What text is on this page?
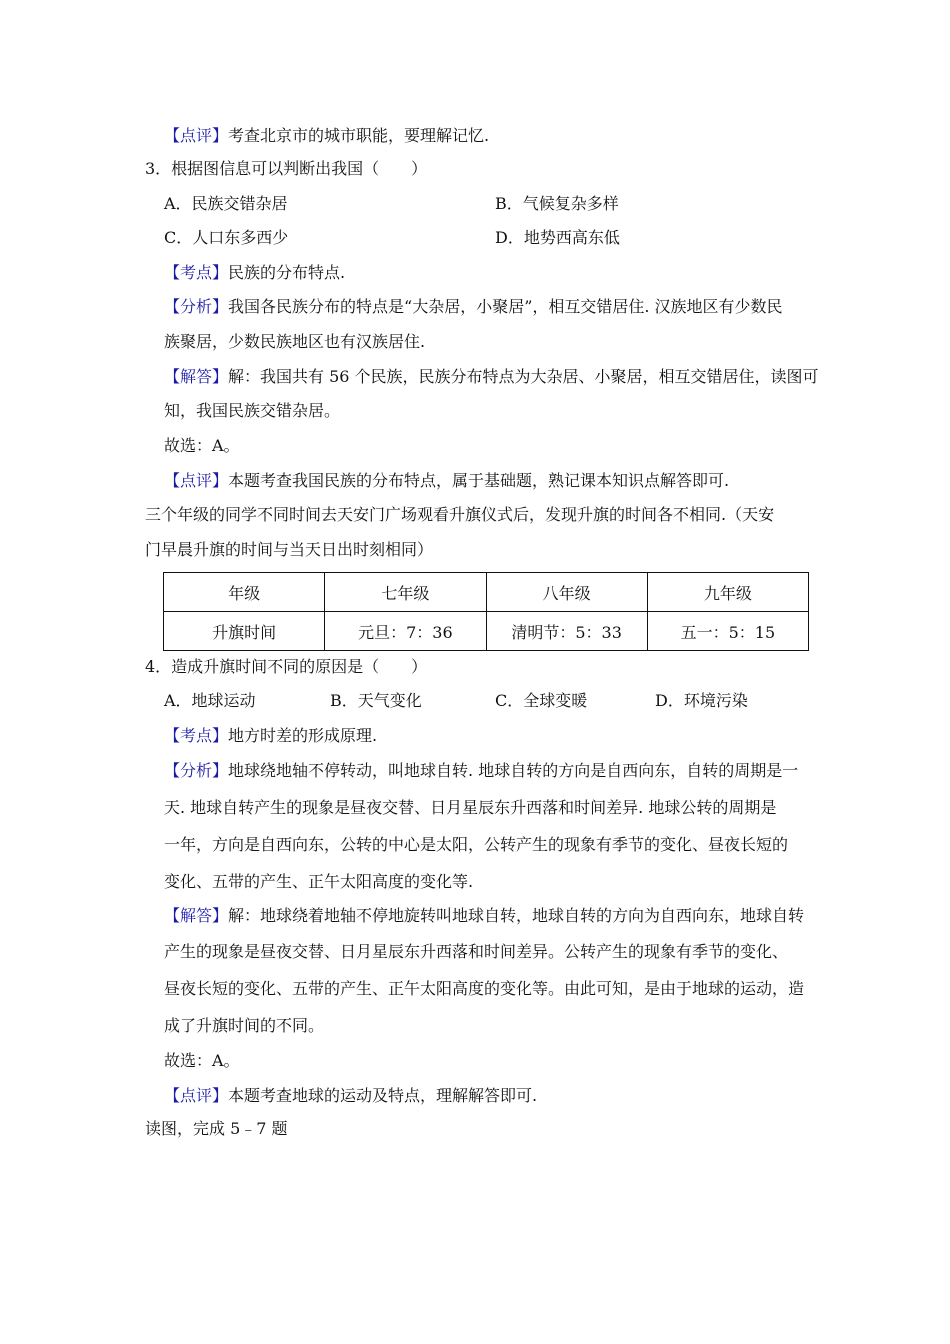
【点评】考查北京市的城市职能，要理解记忆.
3．根据图信息可以判断出我国（　　）
A．民族交错杂居	B．气候复杂多样
C．人口东多西少	D．地势西高东低
【考点】民族的分布特点.
【分析】我国各民族分布的特点是“大杂居，小聚居”，相互交错居住. 汉族地区有少数民
族聚居，少数民族地区也有汉族居住.
【解答】解：我国共有 56 个民族，民族分布特点为大杂居、小聚居，相互交错居住，读图可
知，我国民族交错杂居。
故选：A。
【点评】本题考查我国民族的分布特点，属于基础题，熟记课本知识点解答即可.
三个年级的同学不同时间去天安门广场观看升旗仪式后，发现升旗的时间各不相同.（天安
门早晨升旗的时间与当天日出时刻相同）
年级	七年级	八年级	九年级
升旗时间	元旦：7：36	清明节：5：33	五一：5：15
4．造成升旗时间不同的原因是（　　）
A．地球运动	B．天气变化	C．全球变暖	D．环境污染
【考点】地方时差的形成原理.
【分析】地球绕地轴不停转动，叫地球自转. 地球自转的方向是自西向东，自转的周期是一
天. 地球自转产生的现象是昼夜交替、日月星辰东升西落和时间差异. 地球公转的周期是
一年，方向是自西向东，公转的中心是太阳，公转产生的现象有季节的变化、昼夜长短的
变化、五带的产生、正午太阳高度的变化等.
【解答】解：地球绕着地轴不停地旋转叫地球自转，地球自转的方向为自西向东，地球自转
产生的现象是昼夜交替、日月星辰东升西落和时间差异。公转产生的现象有季节的变化、
昼夜长短的变化、五带的产生、正午太阳高度的变化等。由此可知，是由于地球的运动，造
成了升旗时间的不同。
故选：A。
【点评】本题考查地球的运动及特点，理解解答即可.
读图，完成 5﹣7 题
